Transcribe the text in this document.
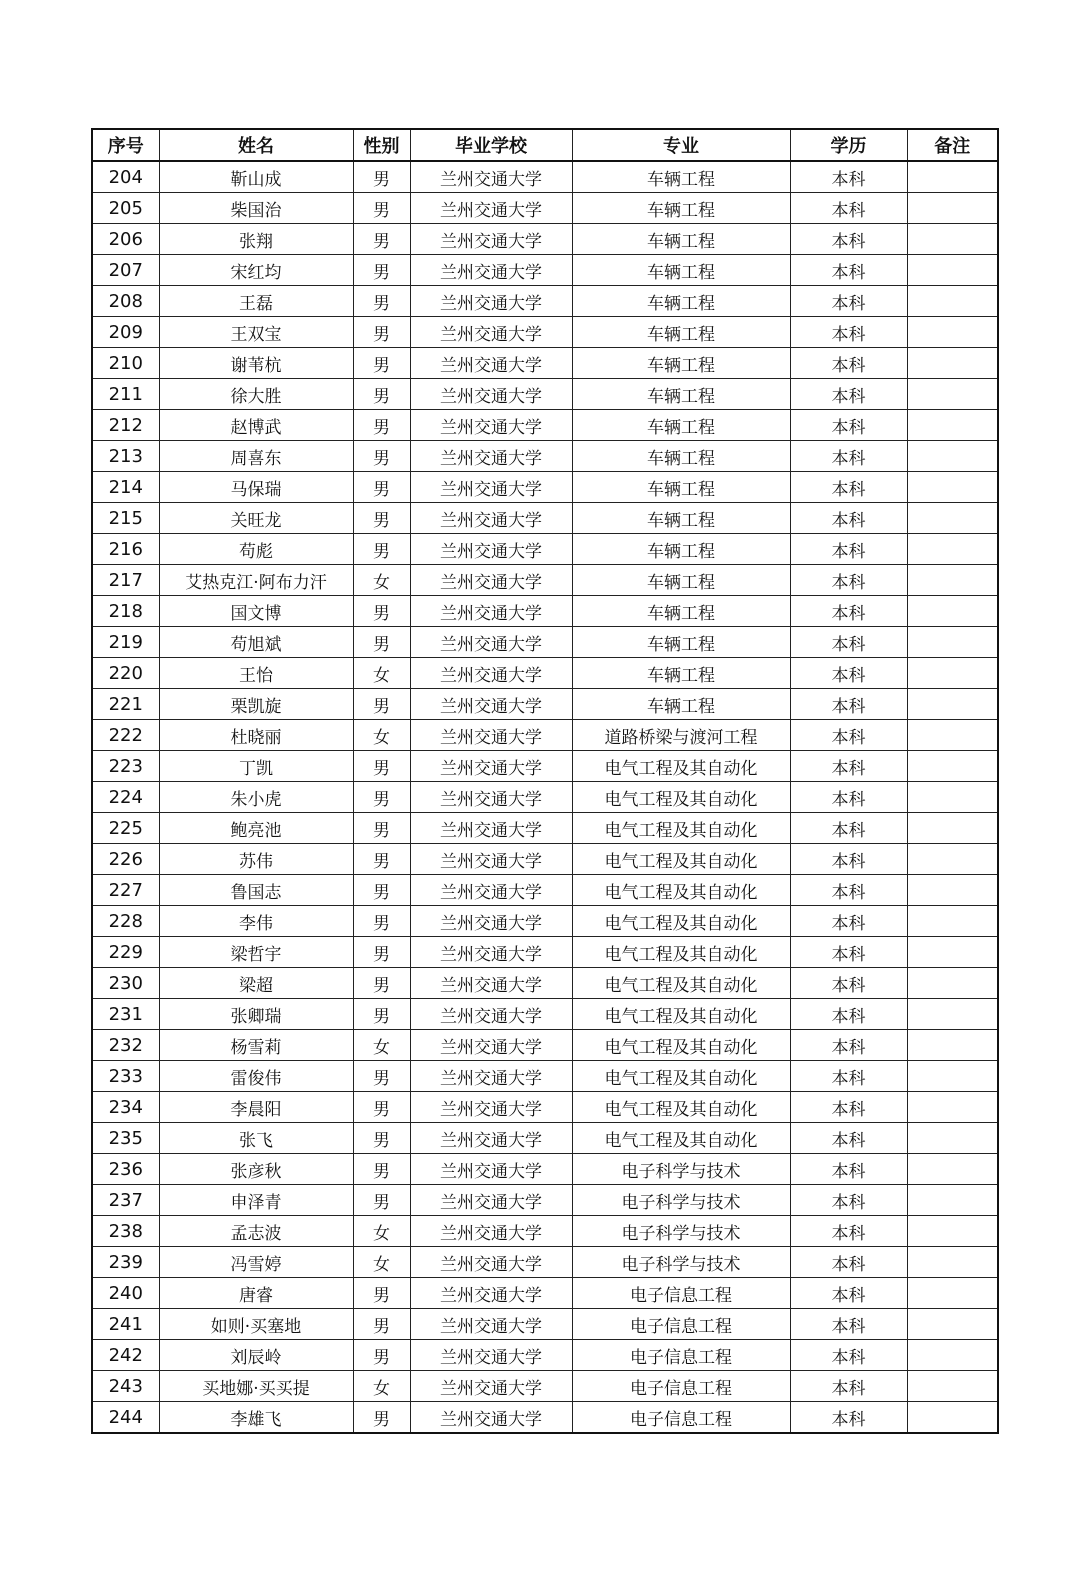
序号	姓名	性别	毕业学校	专业	学历	备注
204	靳山成	男	兰州交通大学	车辆工程	本科	
205	柴国治	男	兰州交通大学	车辆工程	本科	
206	张翔	男	兰州交通大学	车辆工程	本科	
207	宋红均	男	兰州交通大学	车辆工程	本科	
208	王磊	男	兰州交通大学	车辆工程	本科	
209	王双宝	男	兰州交通大学	车辆工程	本科	
210	谢苇杭	男	兰州交通大学	车辆工程	本科	
211	徐大胜	男	兰州交通大学	车辆工程	本科	
212	赵博武	男	兰州交通大学	车辆工程	本科	
213	周喜东	男	兰州交通大学	车辆工程	本科	
214	马保瑞	男	兰州交通大学	车辆工程	本科	
215	关旺龙	男	兰州交通大学	车辆工程	本科	
216	苟彪	男	兰州交通大学	车辆工程	本科	
217	艾热克江·阿布力汗	女	兰州交通大学	车辆工程	本科	
218	国文博	男	兰州交通大学	车辆工程	本科	
219	苟旭斌	男	兰州交通大学	车辆工程	本科	
220	王怡	女	兰州交通大学	车辆工程	本科	
221	栗凯旋	男	兰州交通大学	车辆工程	本科	
222	杜晓丽	女	兰州交通大学	道路桥梁与渡河工程	本科	
223	丁凯	男	兰州交通大学	电气工程及其自动化	本科	
224	朱小虎	男	兰州交通大学	电气工程及其自动化	本科	
225	鲍亮池	男	兰州交通大学	电气工程及其自动化	本科	
226	苏伟	男	兰州交通大学	电气工程及其自动化	本科	
227	鲁国志	男	兰州交通大学	电气工程及其自动化	本科	
228	李伟	男	兰州交通大学	电气工程及其自动化	本科	
229	梁哲宇	男	兰州交通大学	电气工程及其自动化	本科	
230	梁超	男	兰州交通大学	电气工程及其自动化	本科	
231	张卿瑞	男	兰州交通大学	电气工程及其自动化	本科	
232	杨雪莉	女	兰州交通大学	电气工程及其自动化	本科	
233	雷俊伟	男	兰州交通大学	电气工程及其自动化	本科	
234	李晨阳	男	兰州交通大学	电气工程及其自动化	本科	
235	张飞	男	兰州交通大学	电气工程及其自动化	本科	
236	张彦秋	男	兰州交通大学	电子科学与技术	本科	
237	申泽青	男	兰州交通大学	电子科学与技术	本科	
238	孟志波	女	兰州交通大学	电子科学与技术	本科	
239	冯雪婷	女	兰州交通大学	电子科学与技术	本科	
240	唐睿	男	兰州交通大学	电子信息工程	本科	
241	如则·买塞地	男	兰州交通大学	电子信息工程	本科	
242	刘辰岭	男	兰州交通大学	电子信息工程	本科	
243	买地娜·买买提	女	兰州交通大学	电子信息工程	本科	
244	李雄飞	男	兰州交通大学	电子信息工程	本科	
